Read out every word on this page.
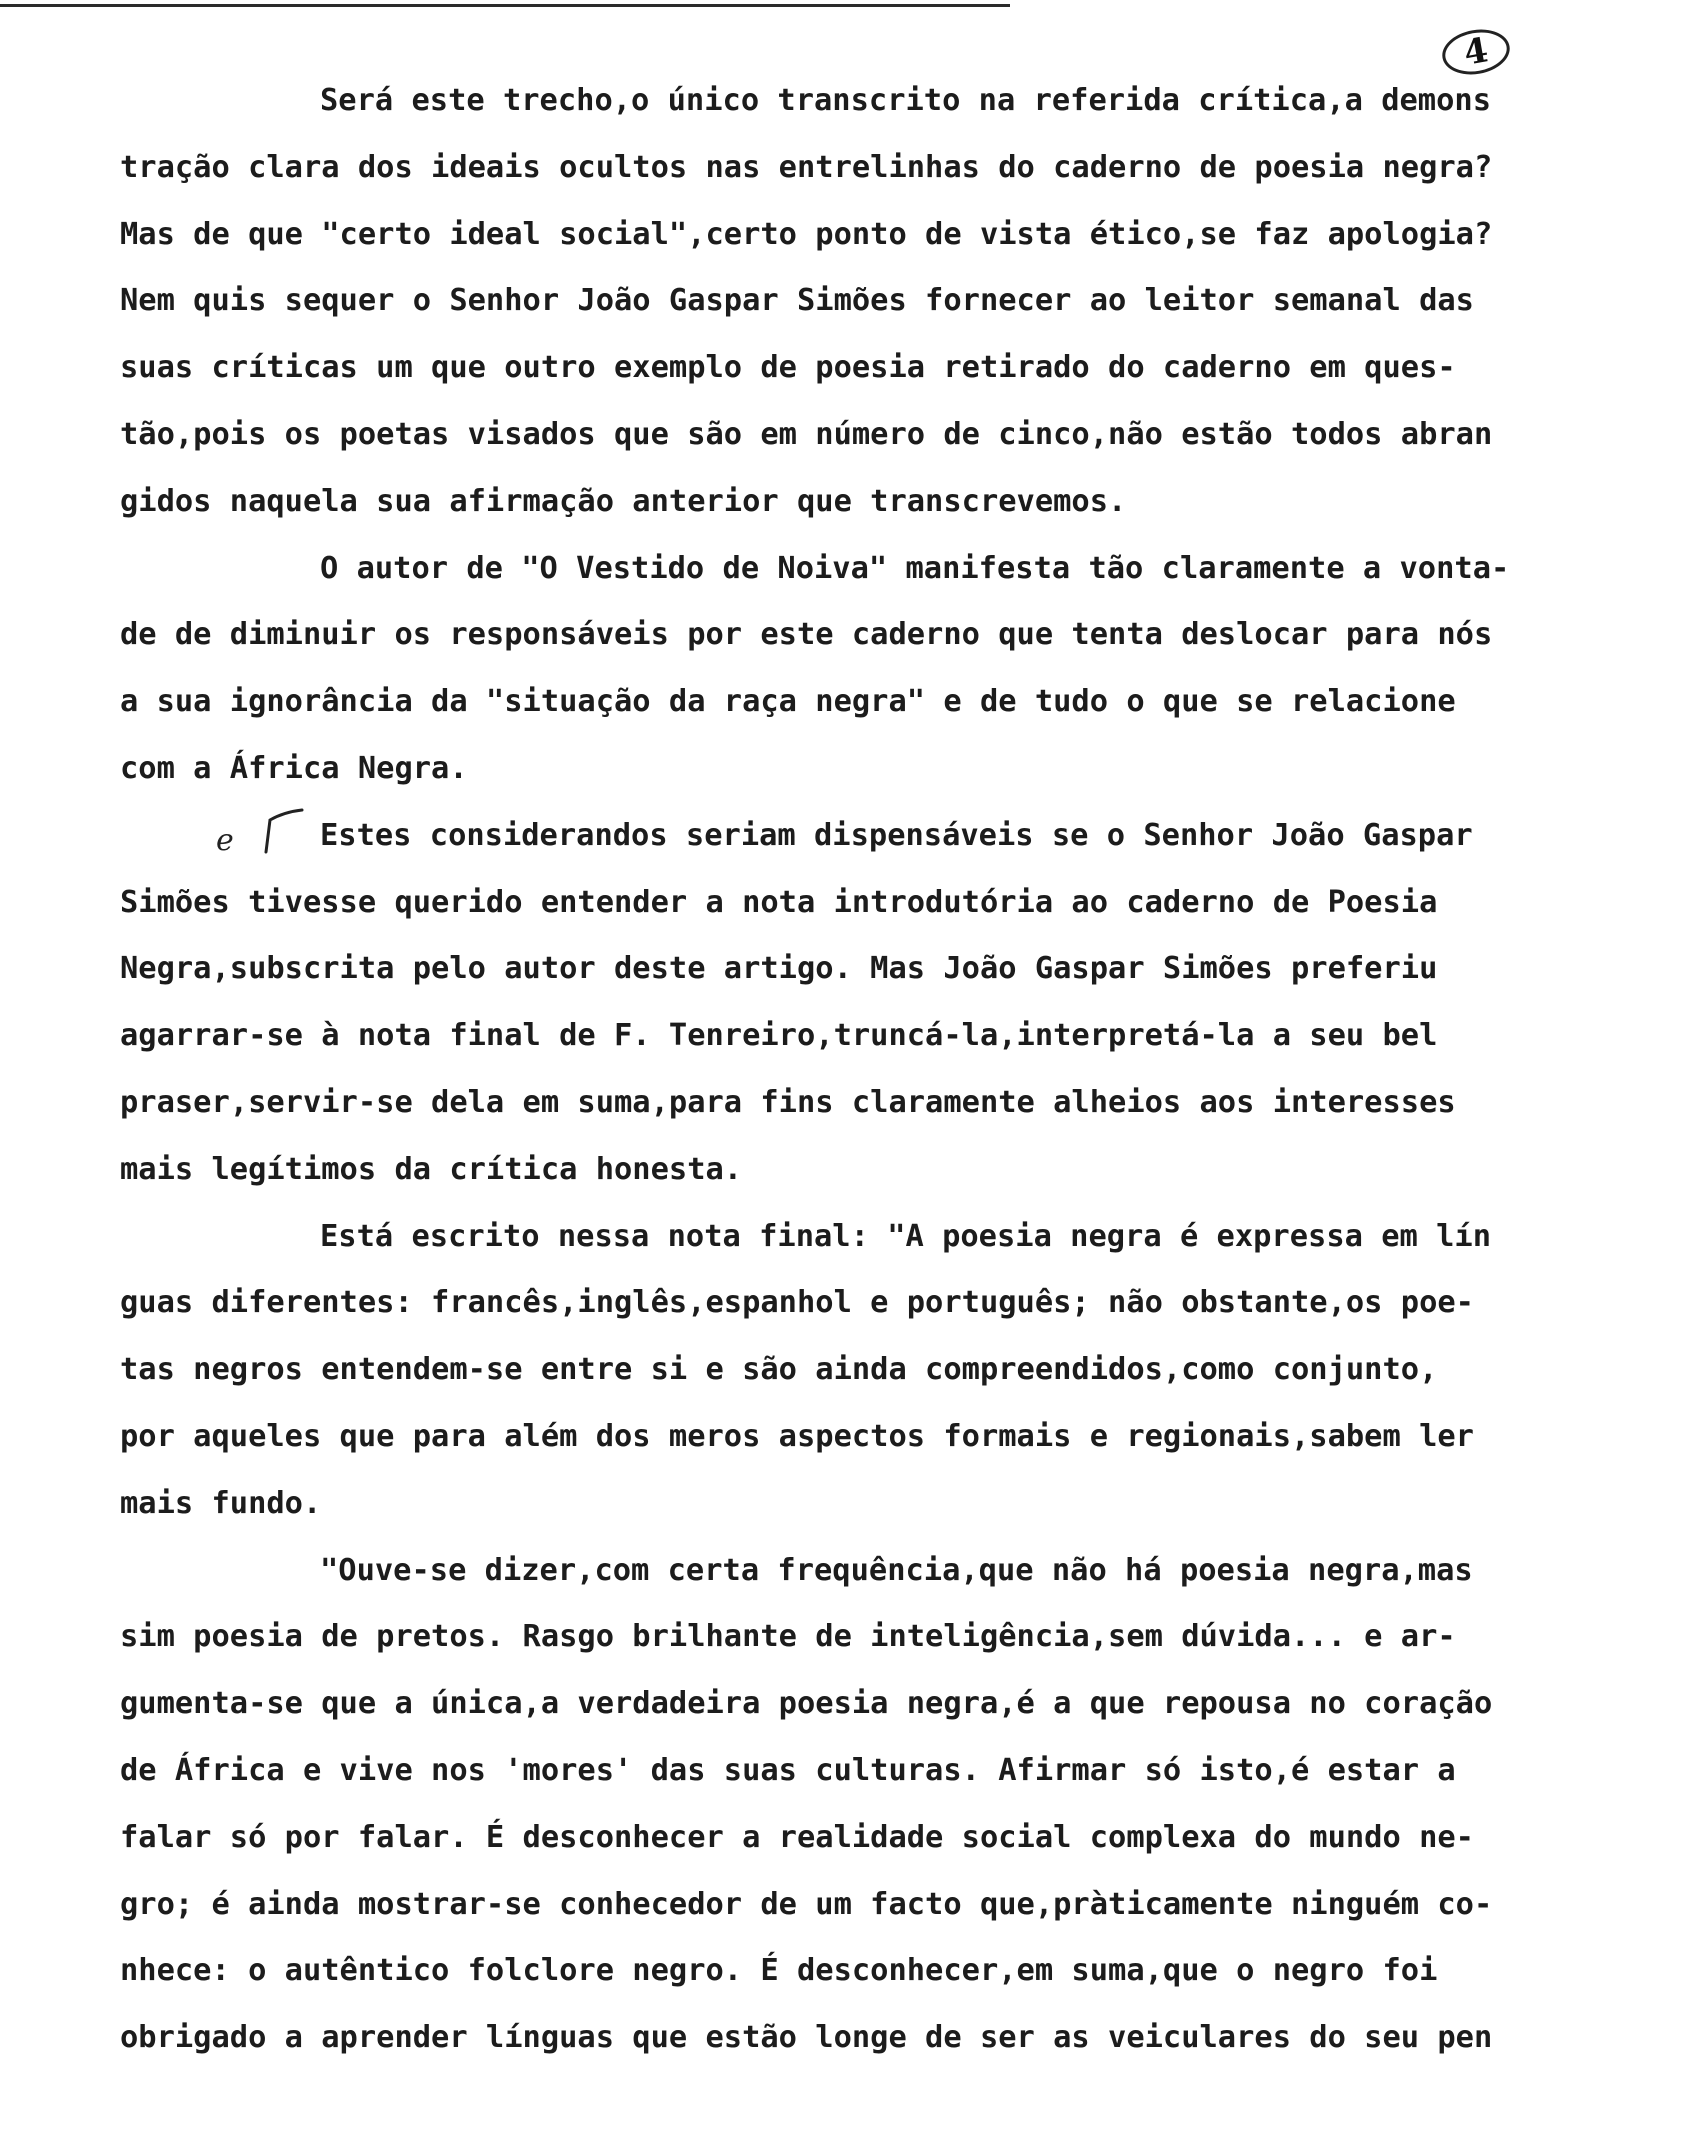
4
e
Será este trecho,o único transcrito na referida crítica,a demons
tração clara dos ideais ocultos nas entrelinhas do caderno de poesia negra?
Mas de que "certo ideal social",certo ponto de vista ético,se faz apologia?
Nem quis sequer o Senhor João Gaspar Simões fornecer ao leitor semanal das
suas críticas um que outro exemplo de poesia retirado do caderno em ques-
tão,pois os poetas visados que são em número de cinco,não estão todos abran
gidos naquela sua afirmação anterior que transcrevemos.
O autor de "O Vestido de Noiva" manifesta tão claramente a vonta-
de de diminuir os responsáveis por este caderno que tenta deslocar para nós
a sua ignorância da "situação da raça negra" e de tudo o que se relacione
com a África Negra.
Estes considerandos seriam dispensáveis se o Senhor João Gaspar
Simões tivesse querido entender a nota introdutória ao caderno de Poesia
Negra,subscrita pelo autor deste artigo. Mas João Gaspar Simões preferiu
agarrar-se à nota final de F. Tenreiro,truncá-la,interpretá-la a seu bel
praser,servir-se dela em suma,para fins claramente alheios aos interesses
mais legítimos da crítica honesta.
Está escrito nessa nota final: "A poesia negra é expressa em lín
guas diferentes: francês,inglês,espanhol e português; não obstante,os poe-
tas negros entendem-se entre si e são ainda compreendidos,como conjunto,
por aqueles que para além dos meros aspectos formais e regionais,sabem ler
mais fundo.
"Ouve-se dizer,com certa frequência,que não há poesia negra,mas
sim poesia de pretos. Rasgo brilhante de inteligência,sem dúvida... e ar-
gumenta-se que a única,a verdadeira poesia negra,é a que repousa no coração
de África e vive nos 'mores' das suas culturas. Afirmar só isto,é estar a
falar só por falar. É desconhecer a realidade social complexa do mundo ne-
gro; é ainda mostrar-se conhecedor de um facto que,pràticamente ninguém co-
nhece: o autêntico folclore negro. É desconhecer,em suma,que o negro foi
obrigado a aprender línguas que estão longe de ser as veiculares do seu pen
